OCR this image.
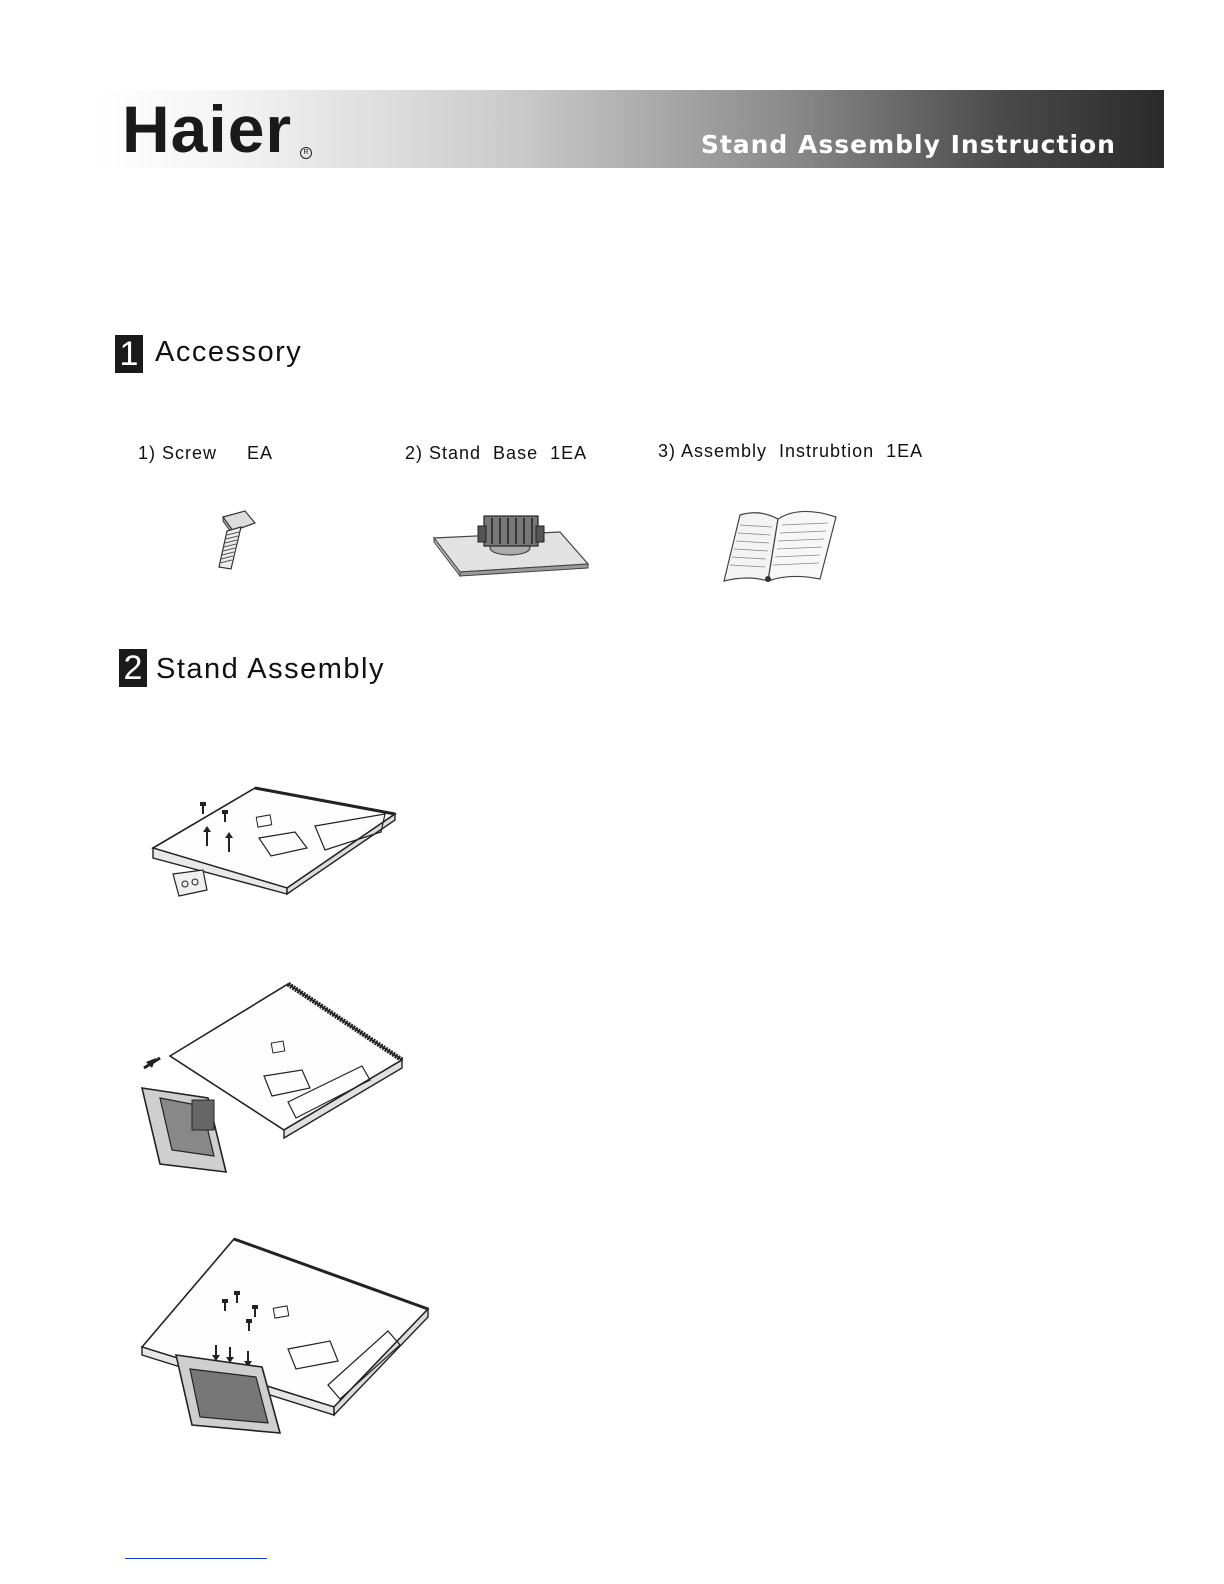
Haier	R	Stand Assembly Instruction
1 Accessory
1) Screw     EA	2) Stand  Base  1EA	3) Assembly  Instrubtion  1EA
2 Stand Assembly
